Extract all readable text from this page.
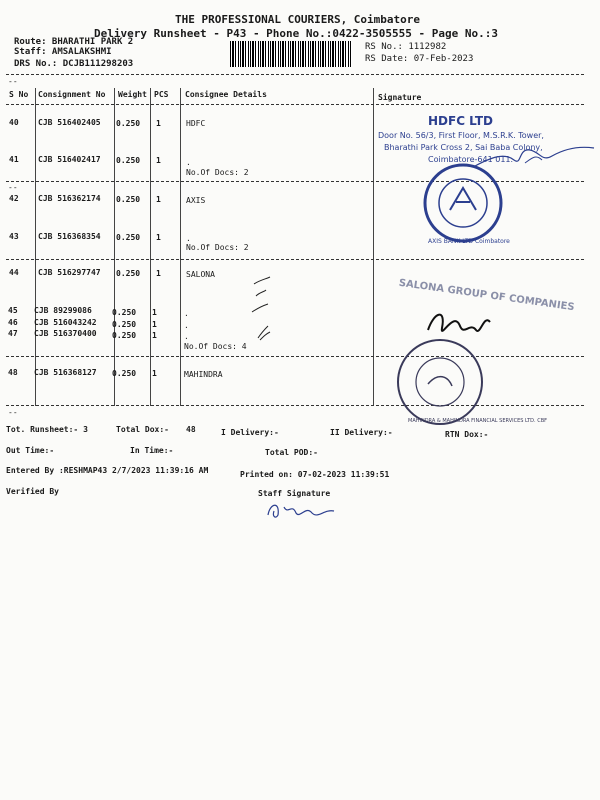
THE PROFESSIONAL COURIERS, Coimbatore
Delivery Runsheet - P43 - Phone No.:0422-3505555 - Page No.:3
Route: BHARATHI PARK 2
Staff: AMSALAKSHMI
DRS No.: DCJB111298203
RS No.: 1112982
RS Date: 07-Feb-2023
--
S No Consignment No Weight PCS Consignee Details	Signature
40 CJB 516402405 0.250 1	HDFC
41 CJB 516402417 0.250 1	.
No.Of Docs: 2
--
42 CJB 516362174 0.250 1	AXIS
43 CJB 516368354 0.250 1	.
No.Of Docs: 2
44 CJB 516297747 0.250 1	SALONA
45 CJB 89299086	0.250 1	.
46 CJB 516043242 0.250 1	.
47 CJB 516370400 0.250 1	.
No.Of Docs: 4
48 CJB 516368127 0.250 1	MAHINDRA
--
HDFC LTD
Door No. 56/3, First Floor, M.S.R.K. Tower,
Bharathi Park Cross 2, Sai Baba Colony,
Coimbatore-641 011.
AXIS BANK LTD Coimbatore
SALONA GROUP OF COMPANIES
MAHINDRA & MAHINDRA FINANCIAL SERVICES LTD. CBF
Tot. Runsheet:- 3	Total Dox:- 48	I Delivery:-	II Delivery:-	RTN Dox:-
Out Time:-	In Time:-	Total POD:-
Entered By :RESHMAP43 2/7/2023 11:39:16 AM	Printed on: 07-02-2023 11:39:51
Verified By	Staff Signature
